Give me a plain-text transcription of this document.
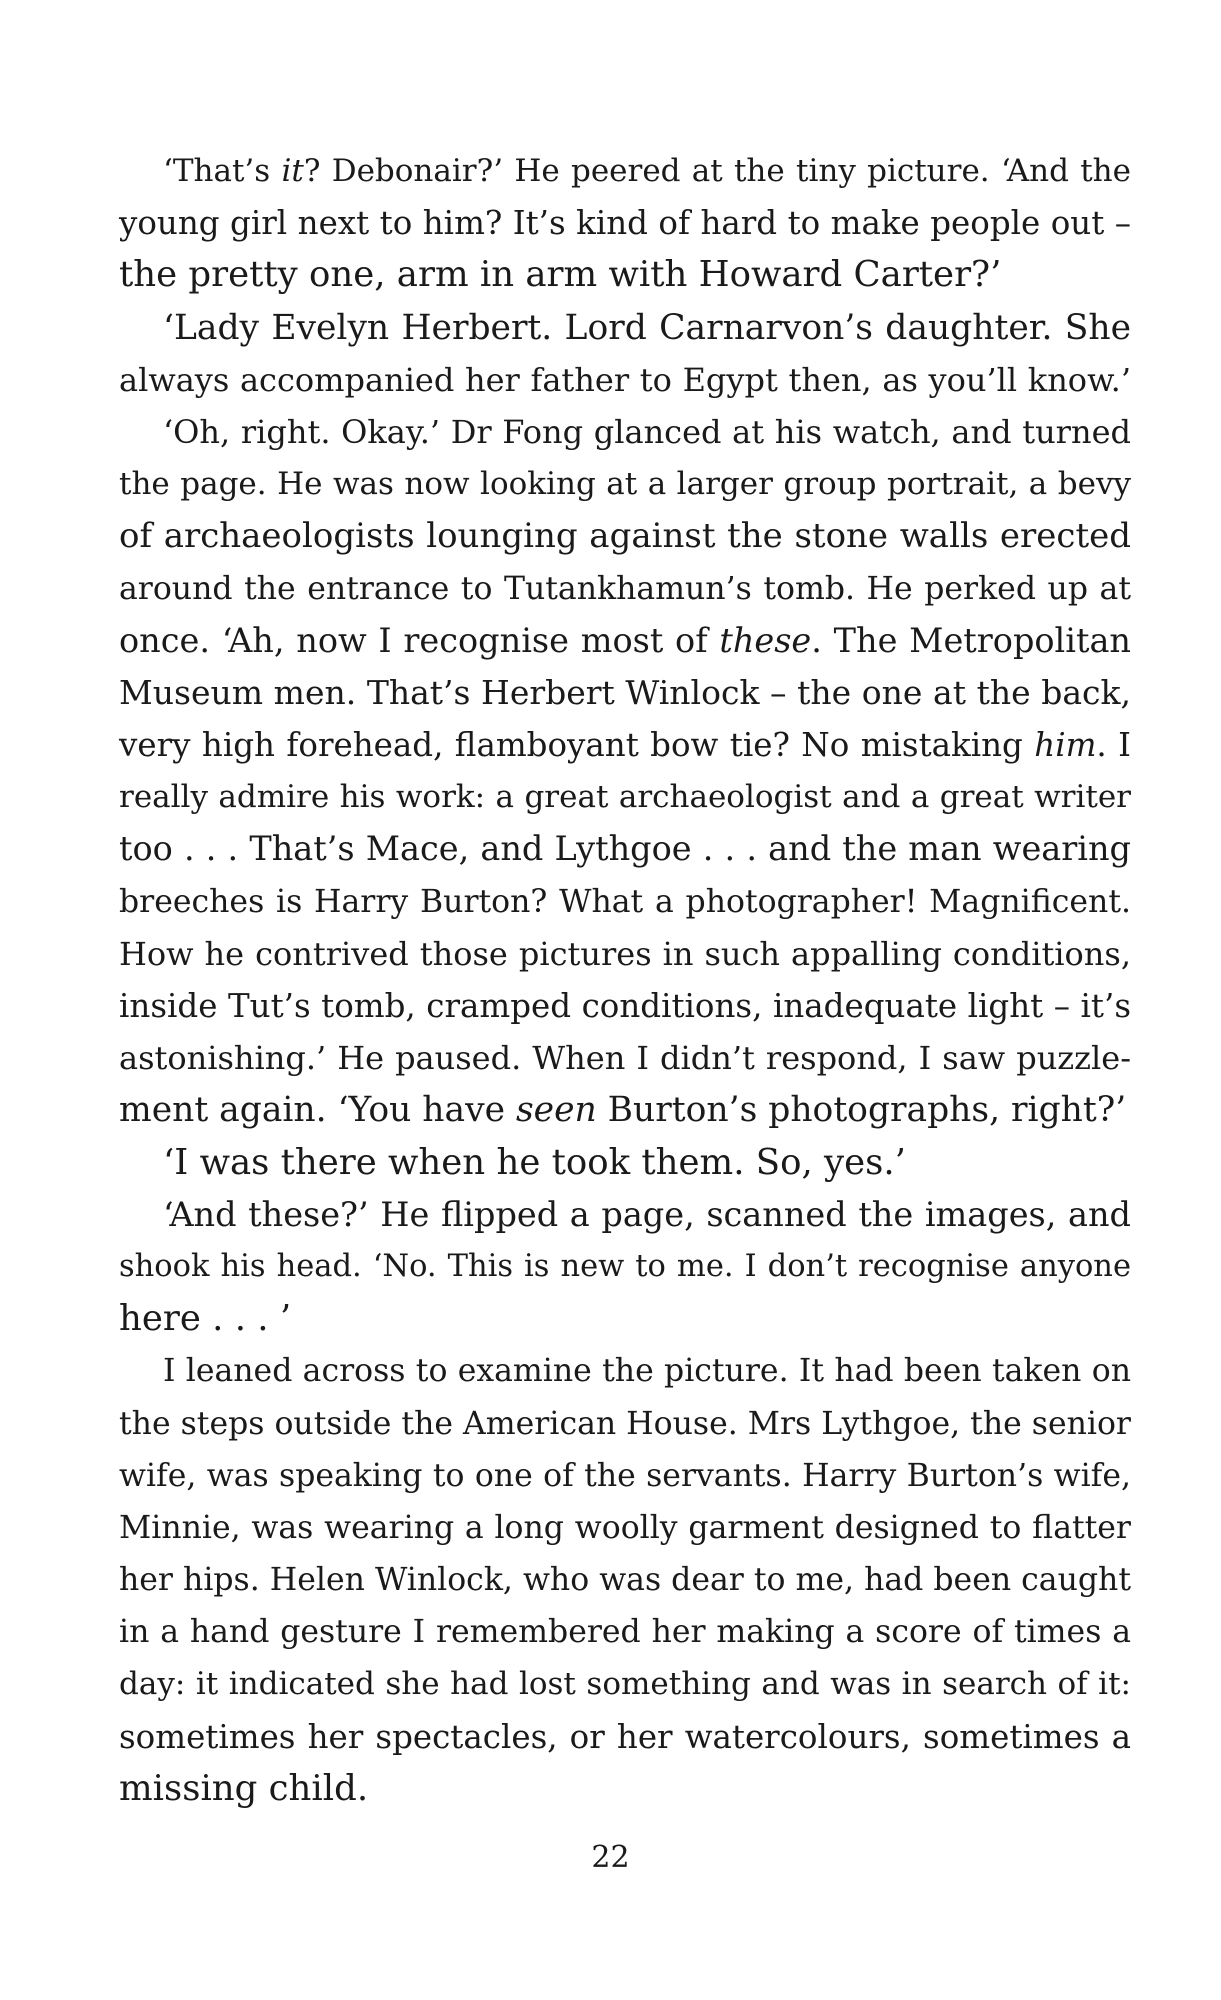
‘That’s it? Debonair?’ He peered at the tiny picture. ‘And the
young girl next to him? It’s kind of hard to make people out –
the pretty one, arm in arm with Howard Carter?’
‘Lady Evelyn Herbert. Lord Carnarvon’s daughter. She
always accompanied her father to Egypt then, as you’ll know.’
‘Oh, right. Okay.’ Dr Fong glanced at his watch, and turned
the page. He was now looking at a larger group portrait, a bevy
of archaeologists lounging against the stone walls erected
around the entrance to Tutankhamun’s tomb. He perked up at
once. ‘Ah, now I recognise most of these. The Metropolitan
Museum men. That’s Herbert Winlock – the one at the back,
very high forehead, flamboyant bow tie? No mistaking him. I
really admire his work: a great archaeologist and a great writer
too . . . That’s Mace, and Lythgoe . . . and the man wearing
breeches is Harry Burton? What a photographer! Magnificent.
How he contrived those pictures in such appalling conditions,
inside Tut’s tomb, cramped conditions, inadequate light – it’s
astonishing.’ He paused. When I didn’t respond, I saw puzzle-
ment again. ‘You have seen Burton’s photographs, right?’
‘I was there when he took them. So, yes.’
‘And these?’ He flipped a page, scanned the images, and
shook his head. ‘No. This is new to me. I don’t recognise anyone
here . . . ’
I leaned across to examine the picture. It had been taken on
the steps outside the American House. Mrs Lythgoe, the senior
wife, was speaking to one of the servants. Harry Burton’s wife,
Minnie, was wearing a long woolly garment designed to flatter
her hips. Helen Winlock, who was dear to me, had been caught
in a hand gesture I remembered her making a score of times a
day: it indicated she had lost something and was in search of it:
sometimes her spectacles, or her watercolours, sometimes a
missing child.
22
